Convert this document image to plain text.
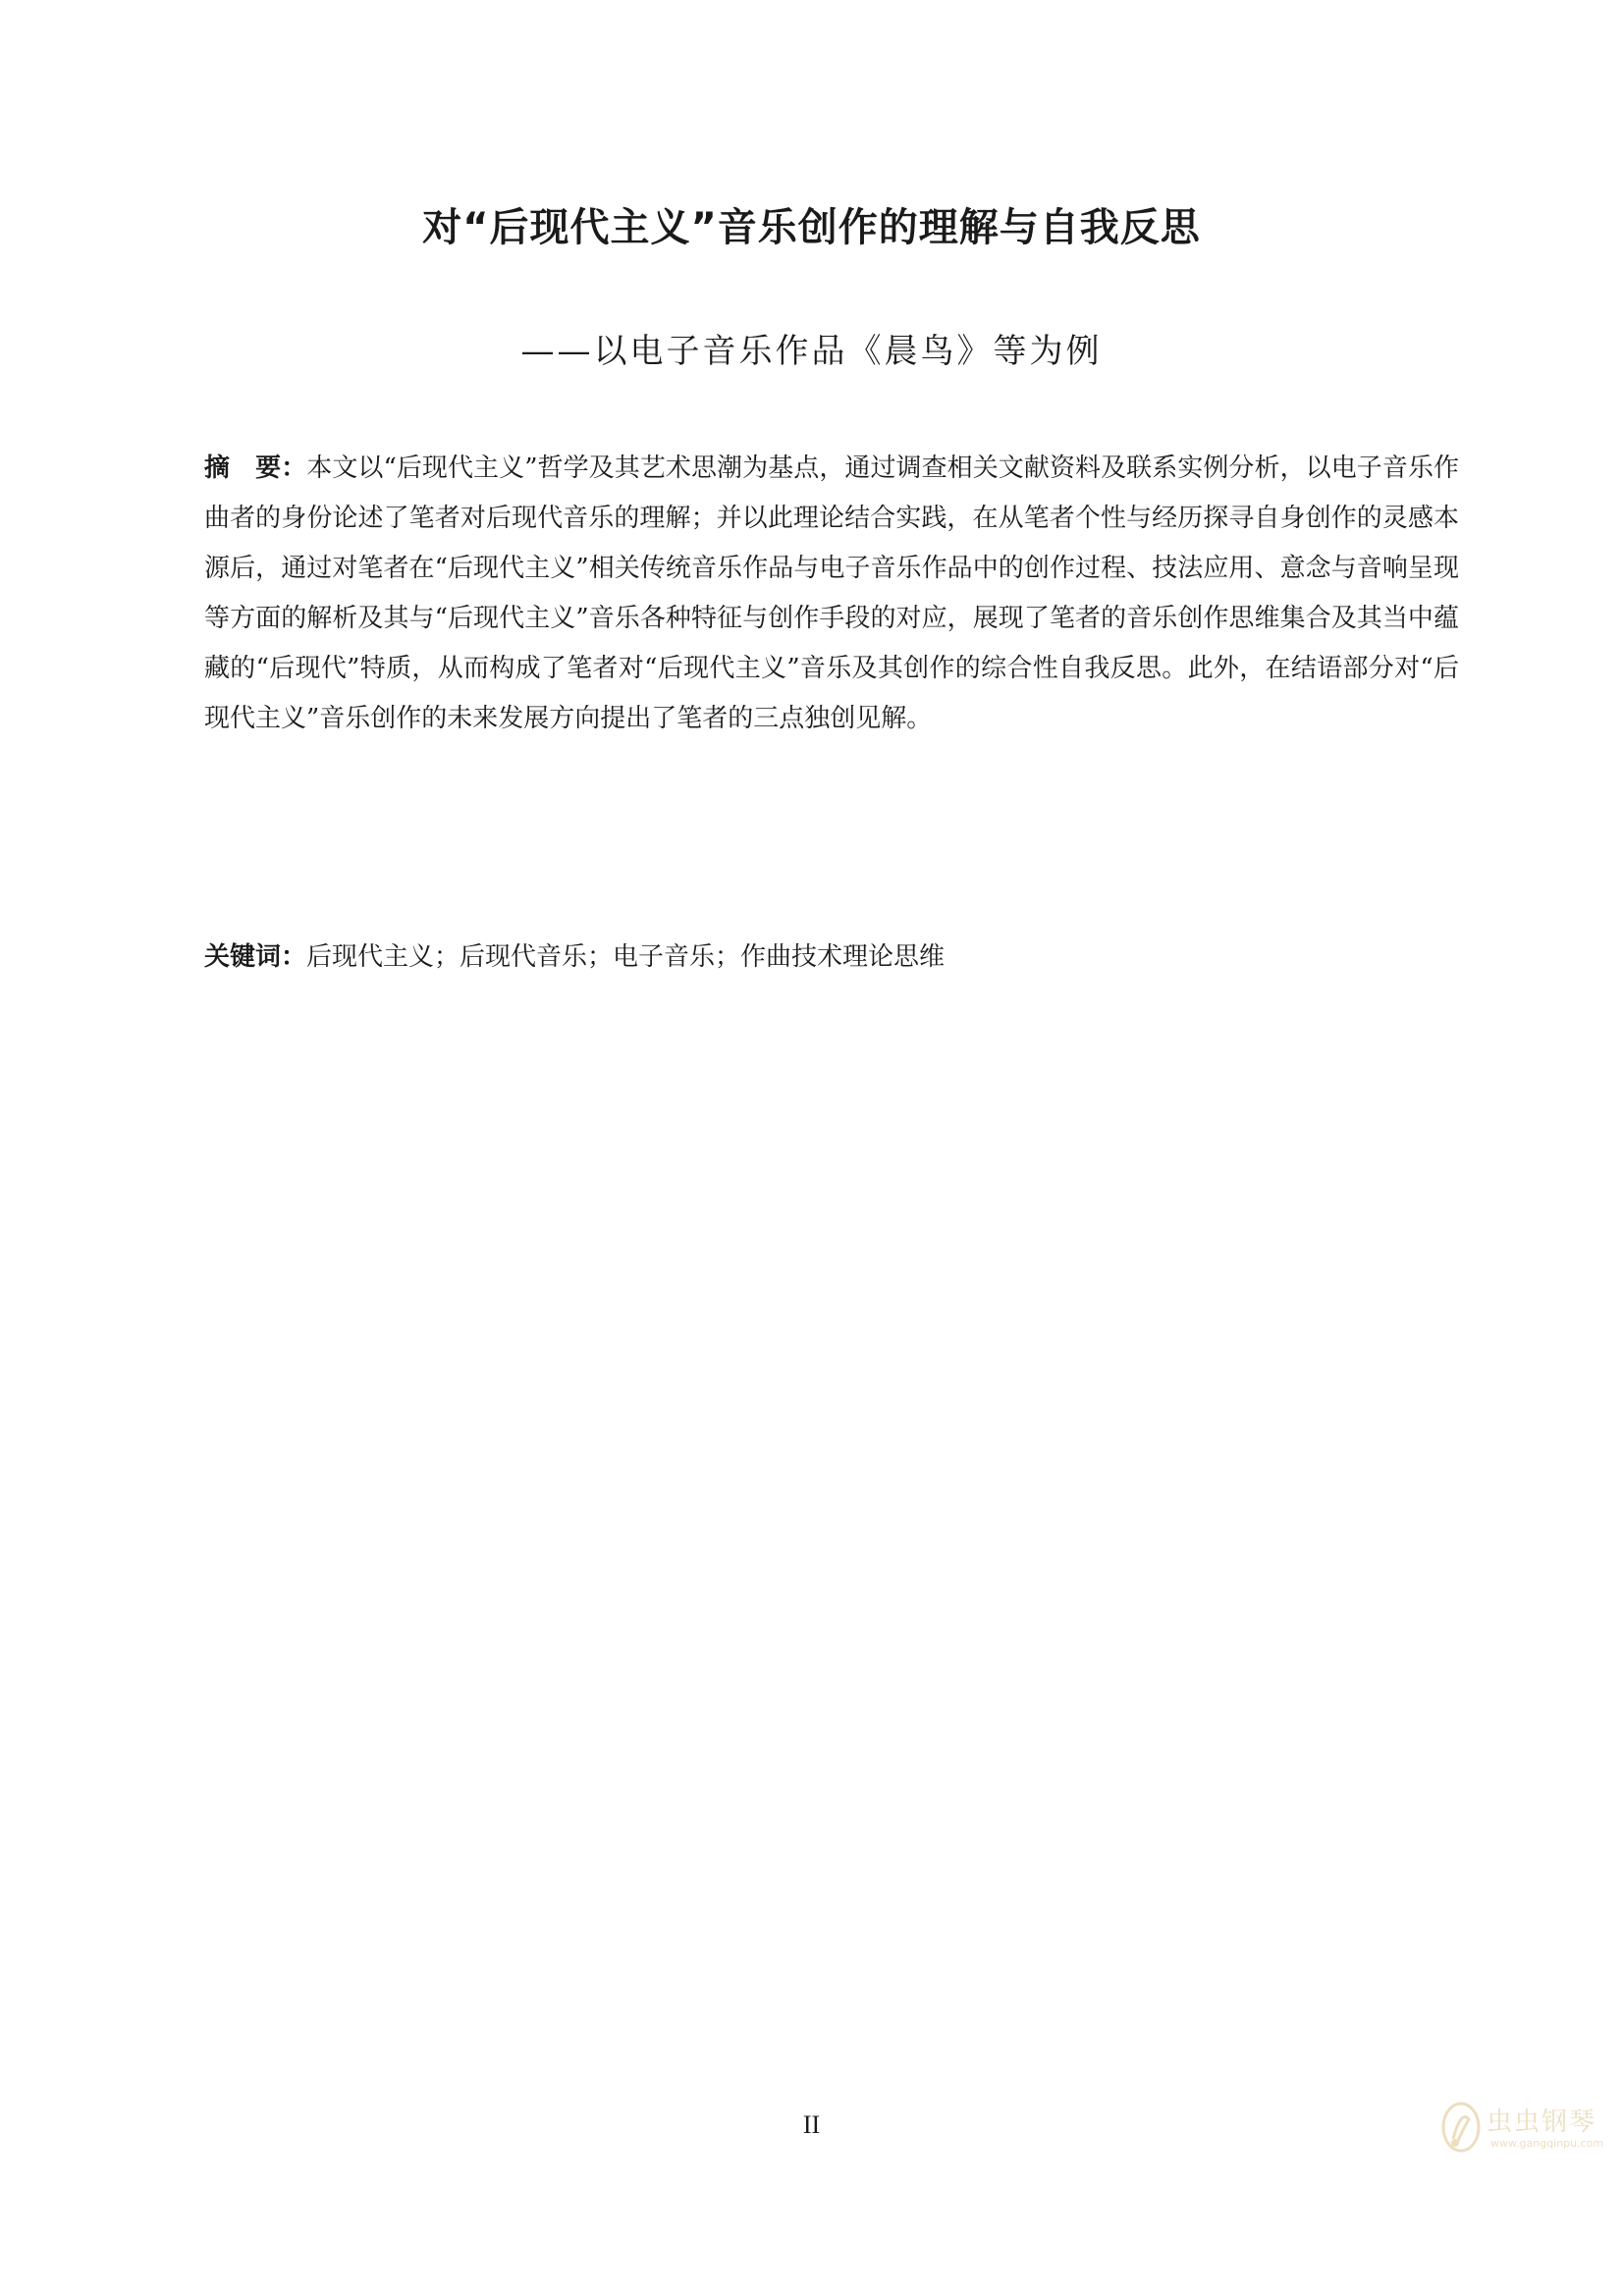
对“后现代主义”音乐创作的理解与自我反思
——以电子音乐作品《晨鸟》等为例
摘　要：本文以“后现代主义”哲学及其艺术思潮为基点，通过调查相关文献资料及联系实例分析，以电子音乐作曲者的身份论述了笔者对后现代音乐的理解；并以此理论结合实践，在从笔者个性与经历探寻自身创作的灵感本源后，通过对笔者在“后现代主义”相关传统音乐作品与电子音乐作品中的创作过程、技法应用、意念与音响呈现等方面的解析及其与“后现代主义”音乐各种特征与创作手段的对应，展现了笔者的音乐创作思维集合及其当中蕴藏的“后现代”特质，从而构成了笔者对“后现代主义”音乐及其创作的综合性自我反思。此外，在结语部分对“后现代主义”音乐创作的未来发展方向提出了笔者的三点独创见解。
关键词：后现代主义；后现代音乐；电子音乐；作曲技术理论思维
II	虫虫钢琴
www.gangqinpu.com
